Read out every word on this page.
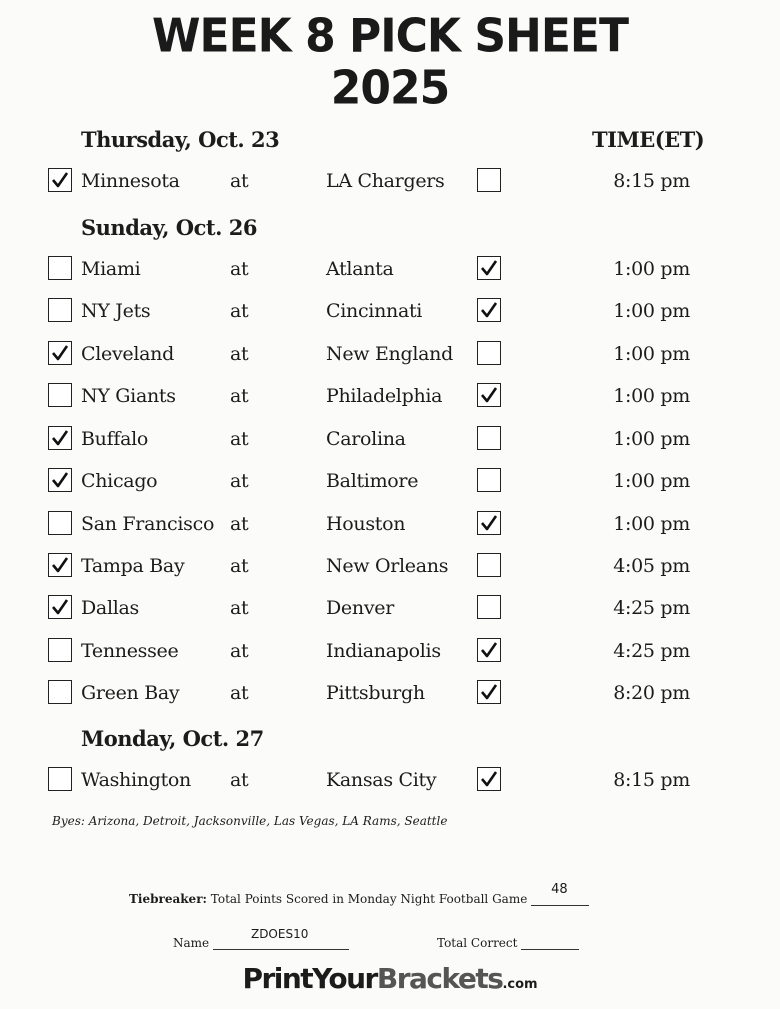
WEEK 8 PICK SHEET
2025
Thursday, Oct. 23	TIME(ET)
Minnesota	at	LA Chargers	8:15 pm
Sunday, Oct. 26
Miami	at	Atlanta	1:00 pm
NY Jets	at	Cincinnati	1:00 pm
Cleveland	at	New England	1:00 pm
NY Giants	at	Philadelphia	1:00 pm
Buffalo	at	Carolina	1:00 pm
Chicago	at	Baltimore	1:00 pm
San Francisco at	Houston	1:00 pm
Tampa Bay at	New Orleans	4:05 pm
Dallas	at	Denver	4:25 pm
Tennessee	at	Indianapolis	4:25 pm
Green Bay	at	Pittsburgh	8:20 pm
Monday, Oct. 27
Washington at	Kansas City	8:15 pm
Byes: Arizona, Detroit, Jacksonville, Las Vegas, LA Rams, Seattle
Tiebreaker: Total Points Scored in Monday Night Football Game
48
Name
ZDOES10
Total Correct
PrintYourBrackets.com
